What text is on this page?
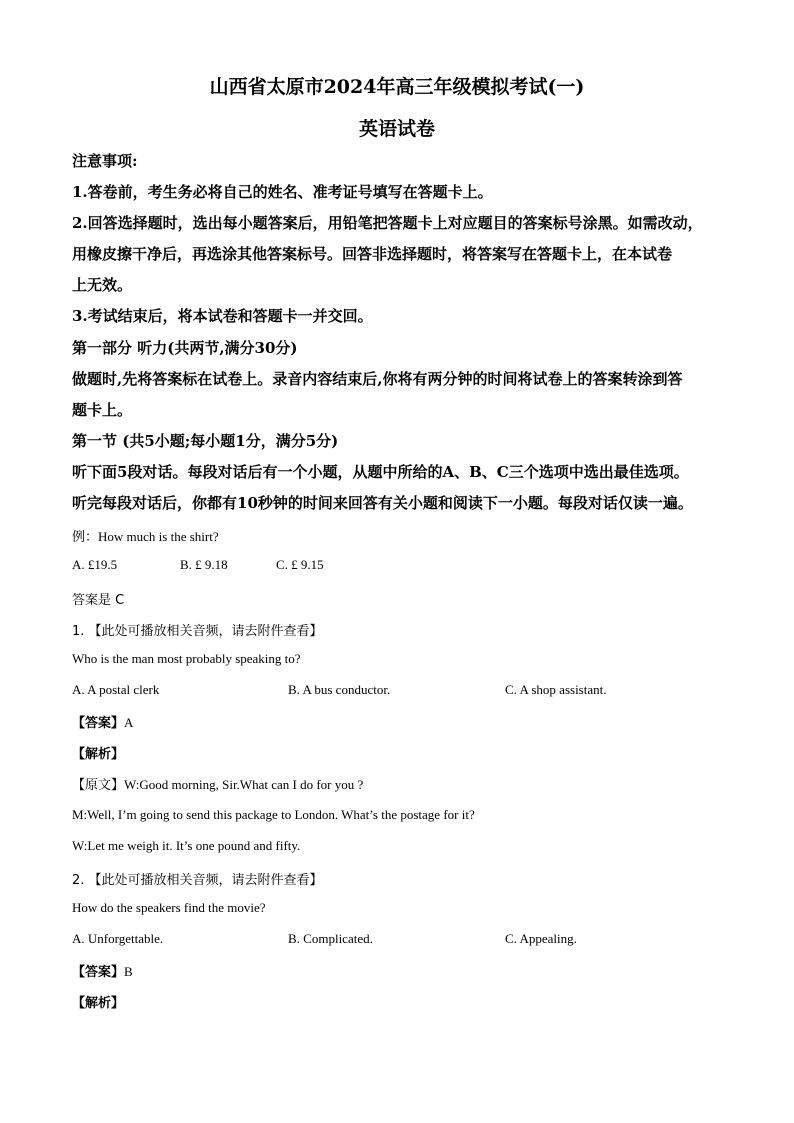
山西省太原市2024年高三年级模拟考试(一)
英语试卷
注意事项:
1.答卷前，考生务必将自己的姓名、准考证号填写在答题卡上。
2.回答选择题时，选出每小题答案后，用铅笔把答题卡上对应题目的答案标号涂黑。如需改动，
用橡皮擦干净后，再选涂其他答案标号。回答非选择题时，将答案写在答题卡上，在本试卷
上无效。
3.考试结束后，将本试卷和答题卡一并交回。
第一部分 听力(共两节,满分30分)
做题时,先将答案标在试卷上。录音内容结束后,你将有两分钟的时间将试卷上的答案转涂到答
题卡上。
第一节 (共5小题;每小题1分，满分5分)
听下面5段对话。每段对话后有一个小题，从题中所给的A、B、C三个选项中选出最佳选项。
听完每段对话后，你都有10秒钟的时间来回答有关小题和阅读下一小题。每段对话仅读一遍。
例：How much is the shirt?
A. £19.5	B. £ 9.18	C. £ 9.15
答案是 C
1. 【此处可播放相关音频，请去附件查看】
Who is the man most probably speaking to?
A. A postal clerk	B. A bus conductor.	C. A shop assistant.
【答案】A
【解析】
【原文】W:Good morning, Sir.What can I do for you ?
M:Well, I’m going to send this package to London. What’s the postage for it?
W:Let me weigh it. It’s one pound and fifty.
2. 【此处可播放相关音频，请去附件查看】
How do the speakers find the movie?
A. Unforgettable.	B. Complicated.	C. Appealing.
【答案】B
【解析】
